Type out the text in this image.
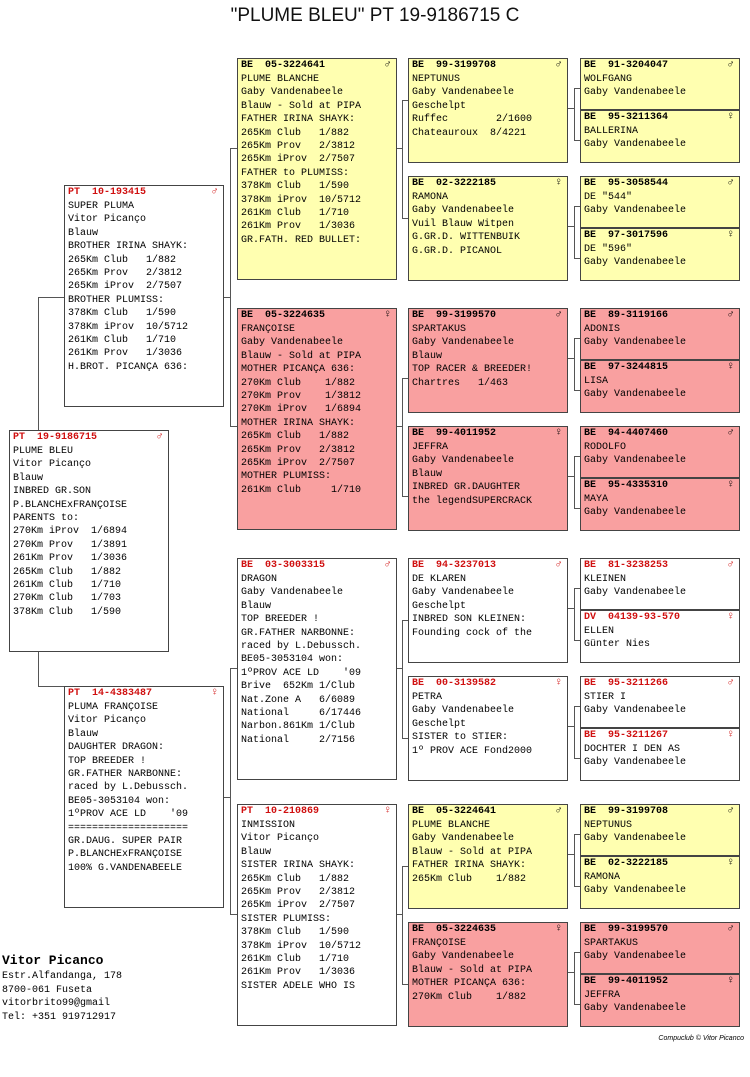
"PLUME BLEU" PT 19-9186715 C
PT  19-9186715	♂
PLUME BLEU
Vitor Picanço
Blauw
INBRED GR.SON
P.BLANCHExFRANÇOISE
PARENTS to:
270Km iProv  1/6894
270Km Prov   1/3891
261Km Prov   1/3036
265Km Club   1/882
261Km Club   1/710
270Km Club   1/703
378Km Club   1/590
PT  10-193415	♂
SUPER PLUMA
Vitor Picanço
Blauw
BROTHER IRINA SHAYK:
265Km Club   1/882
265Km Prov   2/3812
265Km iProv  2/7507
BROTHER PLUMISS:
378Km Club   1/590
378Km iProv  10/5712
261Km Club   1/710
261Km Prov   1/3036
H.BROT. PICANÇA 636:
PT  14-4383487	♀
PLUMA FRANÇOISE
Vitor Picanço
Blauw
DAUGHTER DRAGON:
TOP BREEDER !
GR.FATHER NARBONNE:
raced by L.Debussch.
BE05-3053104 won:
1ºPROV ACE LD    '09
====================
GR.DAUG. SUPER PAIR
P.BLANCHExFRANÇOISE
100% G.VANDENABEELE
BE  05-3224641	♂
PLUME BLANCHE
Gaby Vandenabeele
Blauw - Sold at PIPA
FATHER IRINA SHAYK:
265Km Club   1/882
265Km Prov   2/3812
265Km iProv  2/7507
FATHER to PLUMISS:
378Km Club   1/590
378Km iProv  10/5712
261Km Club   1/710
261Km Prov   1/3036
GR.FATH. RED BULLET:
BE  05-3224635	♀
FRANÇOISE
Gaby Vandenabeele
Blauw - Sold at PIPA
MOTHER PICANÇA 636:
270Km Club    1/882
270Km Prov    1/3812
270Km iProv   1/6894
MOTHER IRINA SHAYK:
265Km Club   1/882
265Km Prov   2/3812
265Km iProv  2/7507
MOTHER PLUMISS:
261Km Club     1/710
BE  03-3003315	♂
DRAGON
Gaby Vandenabeele
Blauw
TOP BREEDER !
GR.FATHER NARBONNE:
raced by L.Debussch.
BE05-3053104 won:
1ºPROV ACE LD    '09
Brive  652Km 1/Club
Nat.Zone A   6/6089
National     6/17446
Narbon.861Km 1/Club
National     2/7156
PT  10-210869	♀
INMISSION
Vitor Picanço
Blauw
SISTER IRINA SHAYK:
265Km Club   1/882
265Km Prov   2/3812
265Km iProv  2/7507
SISTER PLUMISS:
378Km Club   1/590
378Km iProv  10/5712
261Km Club   1/710
261Km Prov   1/3036
SISTER ADELE WHO IS
BE  99-3199708	♂
NEPTUNUS
Gaby Vandenabeele
Geschelpt
Ruffec        2/1600
Chateauroux  8/4221
BE  02-3222185	♀
RAMONA
Gaby Vandenabeele
Vuil Blauw Witpen
G.GR.D. WITTENBUIK
G.GR.D. PICANOL
BE  99-3199570	♂
SPARTAKUS
Gaby Vandenabeele
Blauw
TOP RACER & BREEDER!
Chartres   1/463
BE  99-4011952	♀
JEFFRA
Gaby Vandenabeele
Blauw
INBRED GR.DAUGHTER
the legendSUPERCRACK
BE  94-3237013	♂
DE KLAREN
Gaby Vandenabeele
Geschelpt
INBRED SON KLEINEN:
Founding cock of the
BE  00-3139582	♀
PETRA
Gaby Vandenabeele
Geschelpt
SISTER to STIER:
1º PROV ACE Fond2000
BE  05-3224641	♂
PLUME BLANCHE
Gaby Vandenabeele
Blauw - Sold at PIPA
FATHER IRINA SHAYK:
265Km Club    1/882
BE  05-3224635	♀
FRANÇOISE
Gaby Vandenabeele
Blauw - Sold at PIPA
MOTHER PICANÇA 636:
270Km Club    1/882
BE  91-3204047	♂
WOLFGANG
Gaby Vandenabeele
BE  95-3211364	♀
BALLERINA
Gaby Vandenabeele
BE  95-3058544	♂
DE "544"
Gaby Vandenabeele
BE  97-3017596	♀
DE "596"
Gaby Vandenabeele
BE  89-3119166	♂
ADONIS
Gaby Vandenabeele
BE  97-3244815	♀
LISA
Gaby Vandenabeele
BE  94-4407460	♂
RODOLFO
Gaby Vandenabeele
BE  95-4335310	♀
MAYA
Gaby Vandenabeele
BE  81-3238253	♂
KLEINEN
Gaby Vandenabeele
DV  04139-93-570	♀
ELLEN
Günter Nies
BE  95-3211266	♂
STIER I
Gaby Vandenabeele
BE  95-3211267	♀
DOCHTER I DEN AS
Gaby Vandenabeele
BE  99-3199708	♂
NEPTUNUS
Gaby Vandenabeele
BE  02-3222185	♀
RAMONA
Gaby Vandenabeele
BE  99-3199570	♂
SPARTAKUS
Gaby Vandenabeele
BE  99-4011952	♀
JEFFRA
Gaby Vandenabeele
Vitor Picanco
Estr.Alfandanga, 178
8700-061 Fuseta
vitorbrito99@gmail
Tel: +351 919712917
Compuclub © Vitor Picanco
